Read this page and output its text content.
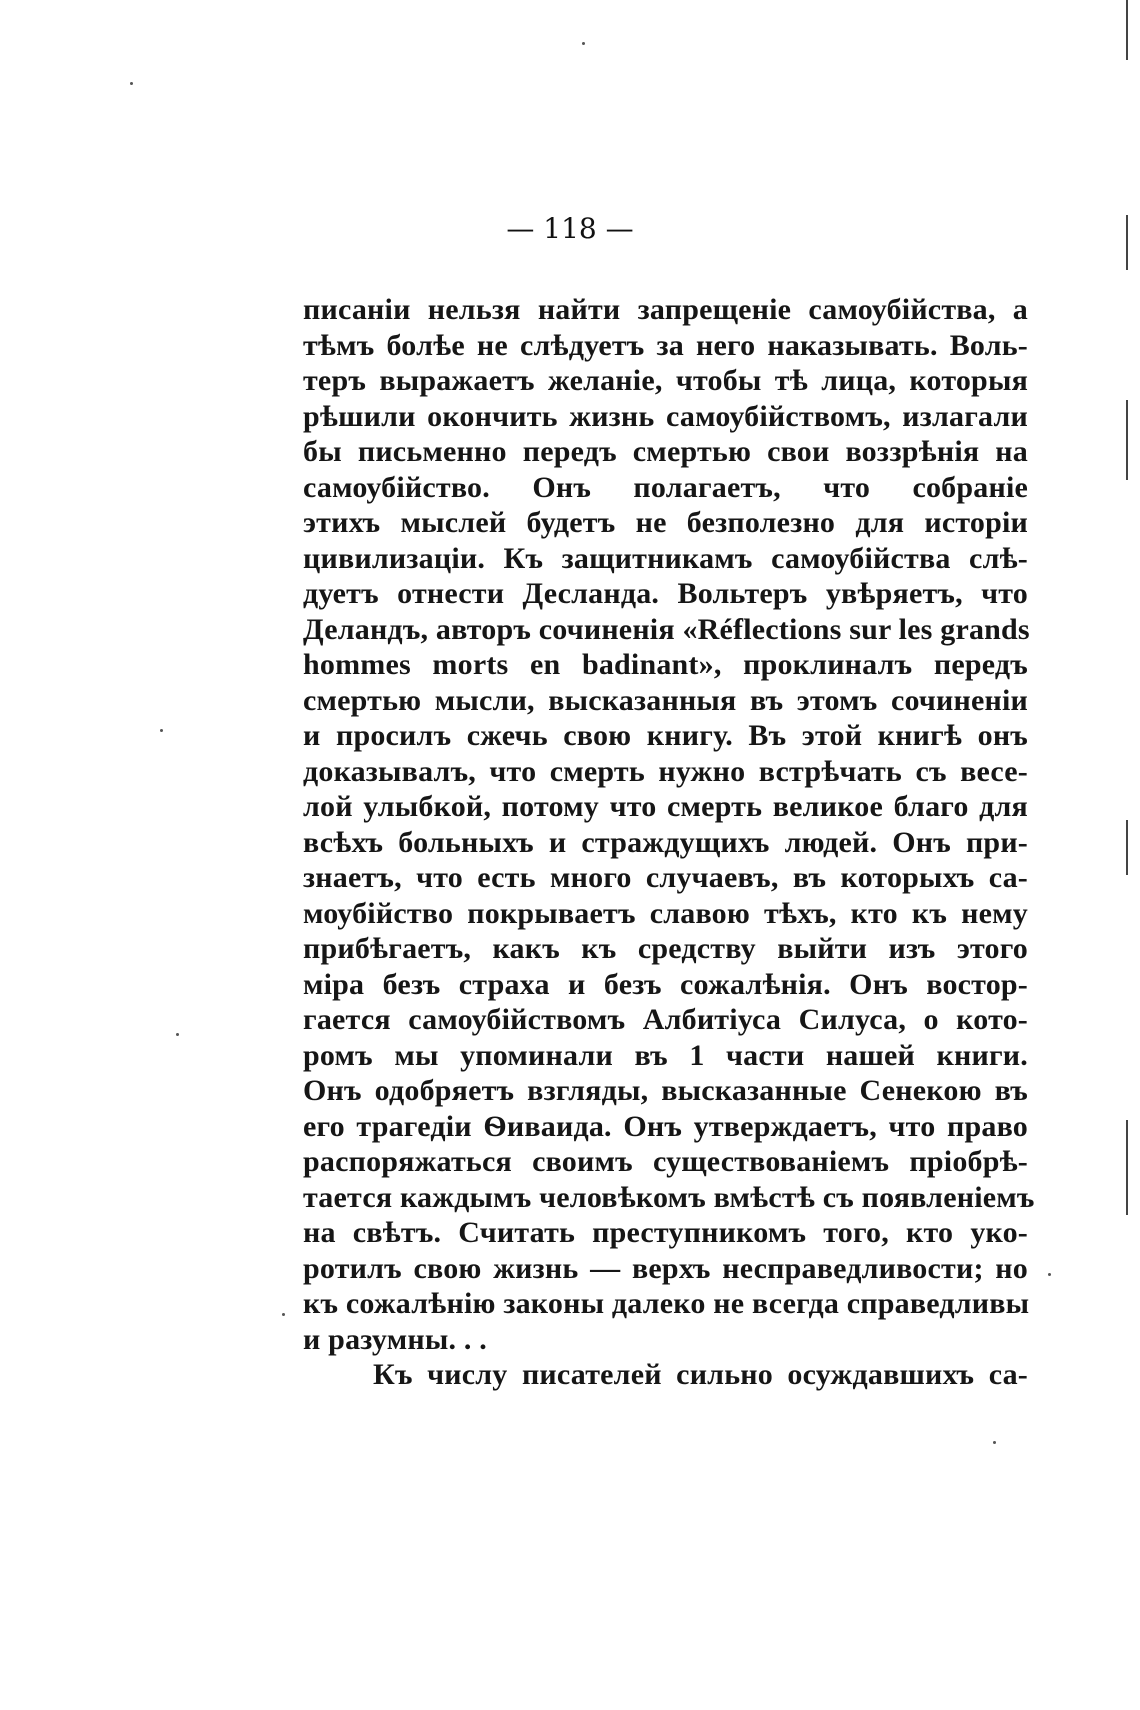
— 118 —
писаніи нельзя найти запрещеніе самоубійства, а
тѣмъ болѣе не слѣдуетъ за него наказывать. Воль-
теръ выражаетъ желаніе, чтобы тѣ лица, которыя
рѣшили окончить жизнь самоубійствомъ, излагали
бы письменно передъ смертью свои воззрѣнія на
самоубійство. Онъ полагаетъ, что собраніе
этихъ мыслей будетъ не безполезно для исторіи
цивилизаціи. Къ защитникамъ самоубійства слѣ-
дуетъ отнести Десланда. Вольтеръ увѣряетъ, что
Деландъ, авторъ сочиненія «Réflections sur les grands
hommes morts en badinant», проклиналъ передъ
смертью мысли, высказанныя въ этомъ сочиненіи
и просилъ сжечь свою книгу. Въ этой книгѣ онъ
доказывалъ, что смерть нужно встрѣчать съ весе-
лой улыбкой, потому что смерть великое благо для
всѣхъ больныхъ и страждущихъ людей. Онъ при-
знаетъ, что есть много случаевъ, въ которыхъ са-
моубійство покрываетъ славою тѣхъ, кто къ нему
прибѣгаетъ, какъ къ средству выйти изъ этого
міра безъ страха и безъ сожалѣнія. Онъ востор-
гается самоубійствомъ Албитіуса Силуса, о кото-
ромъ мы упоминали въ 1 части нашей книги.
Онъ одобряетъ взгляды, высказанные Сенекою въ
его трагедіи Ѳиваида. Онъ утверждаетъ, что право
распоряжаться своимъ существованіемъ пріобрѣ-
тается каждымъ человѣкомъ вмѣстѣ съ появленіемъ
на свѣтъ. Считать преступникомъ того, кто уко-
ротилъ свою жизнь — верхъ несправедливости; но
къ сожалѣнію законы далеко не всегда справедливы
и разумны. . .
Къ числу писателей сильно осуждавшихъ са-
